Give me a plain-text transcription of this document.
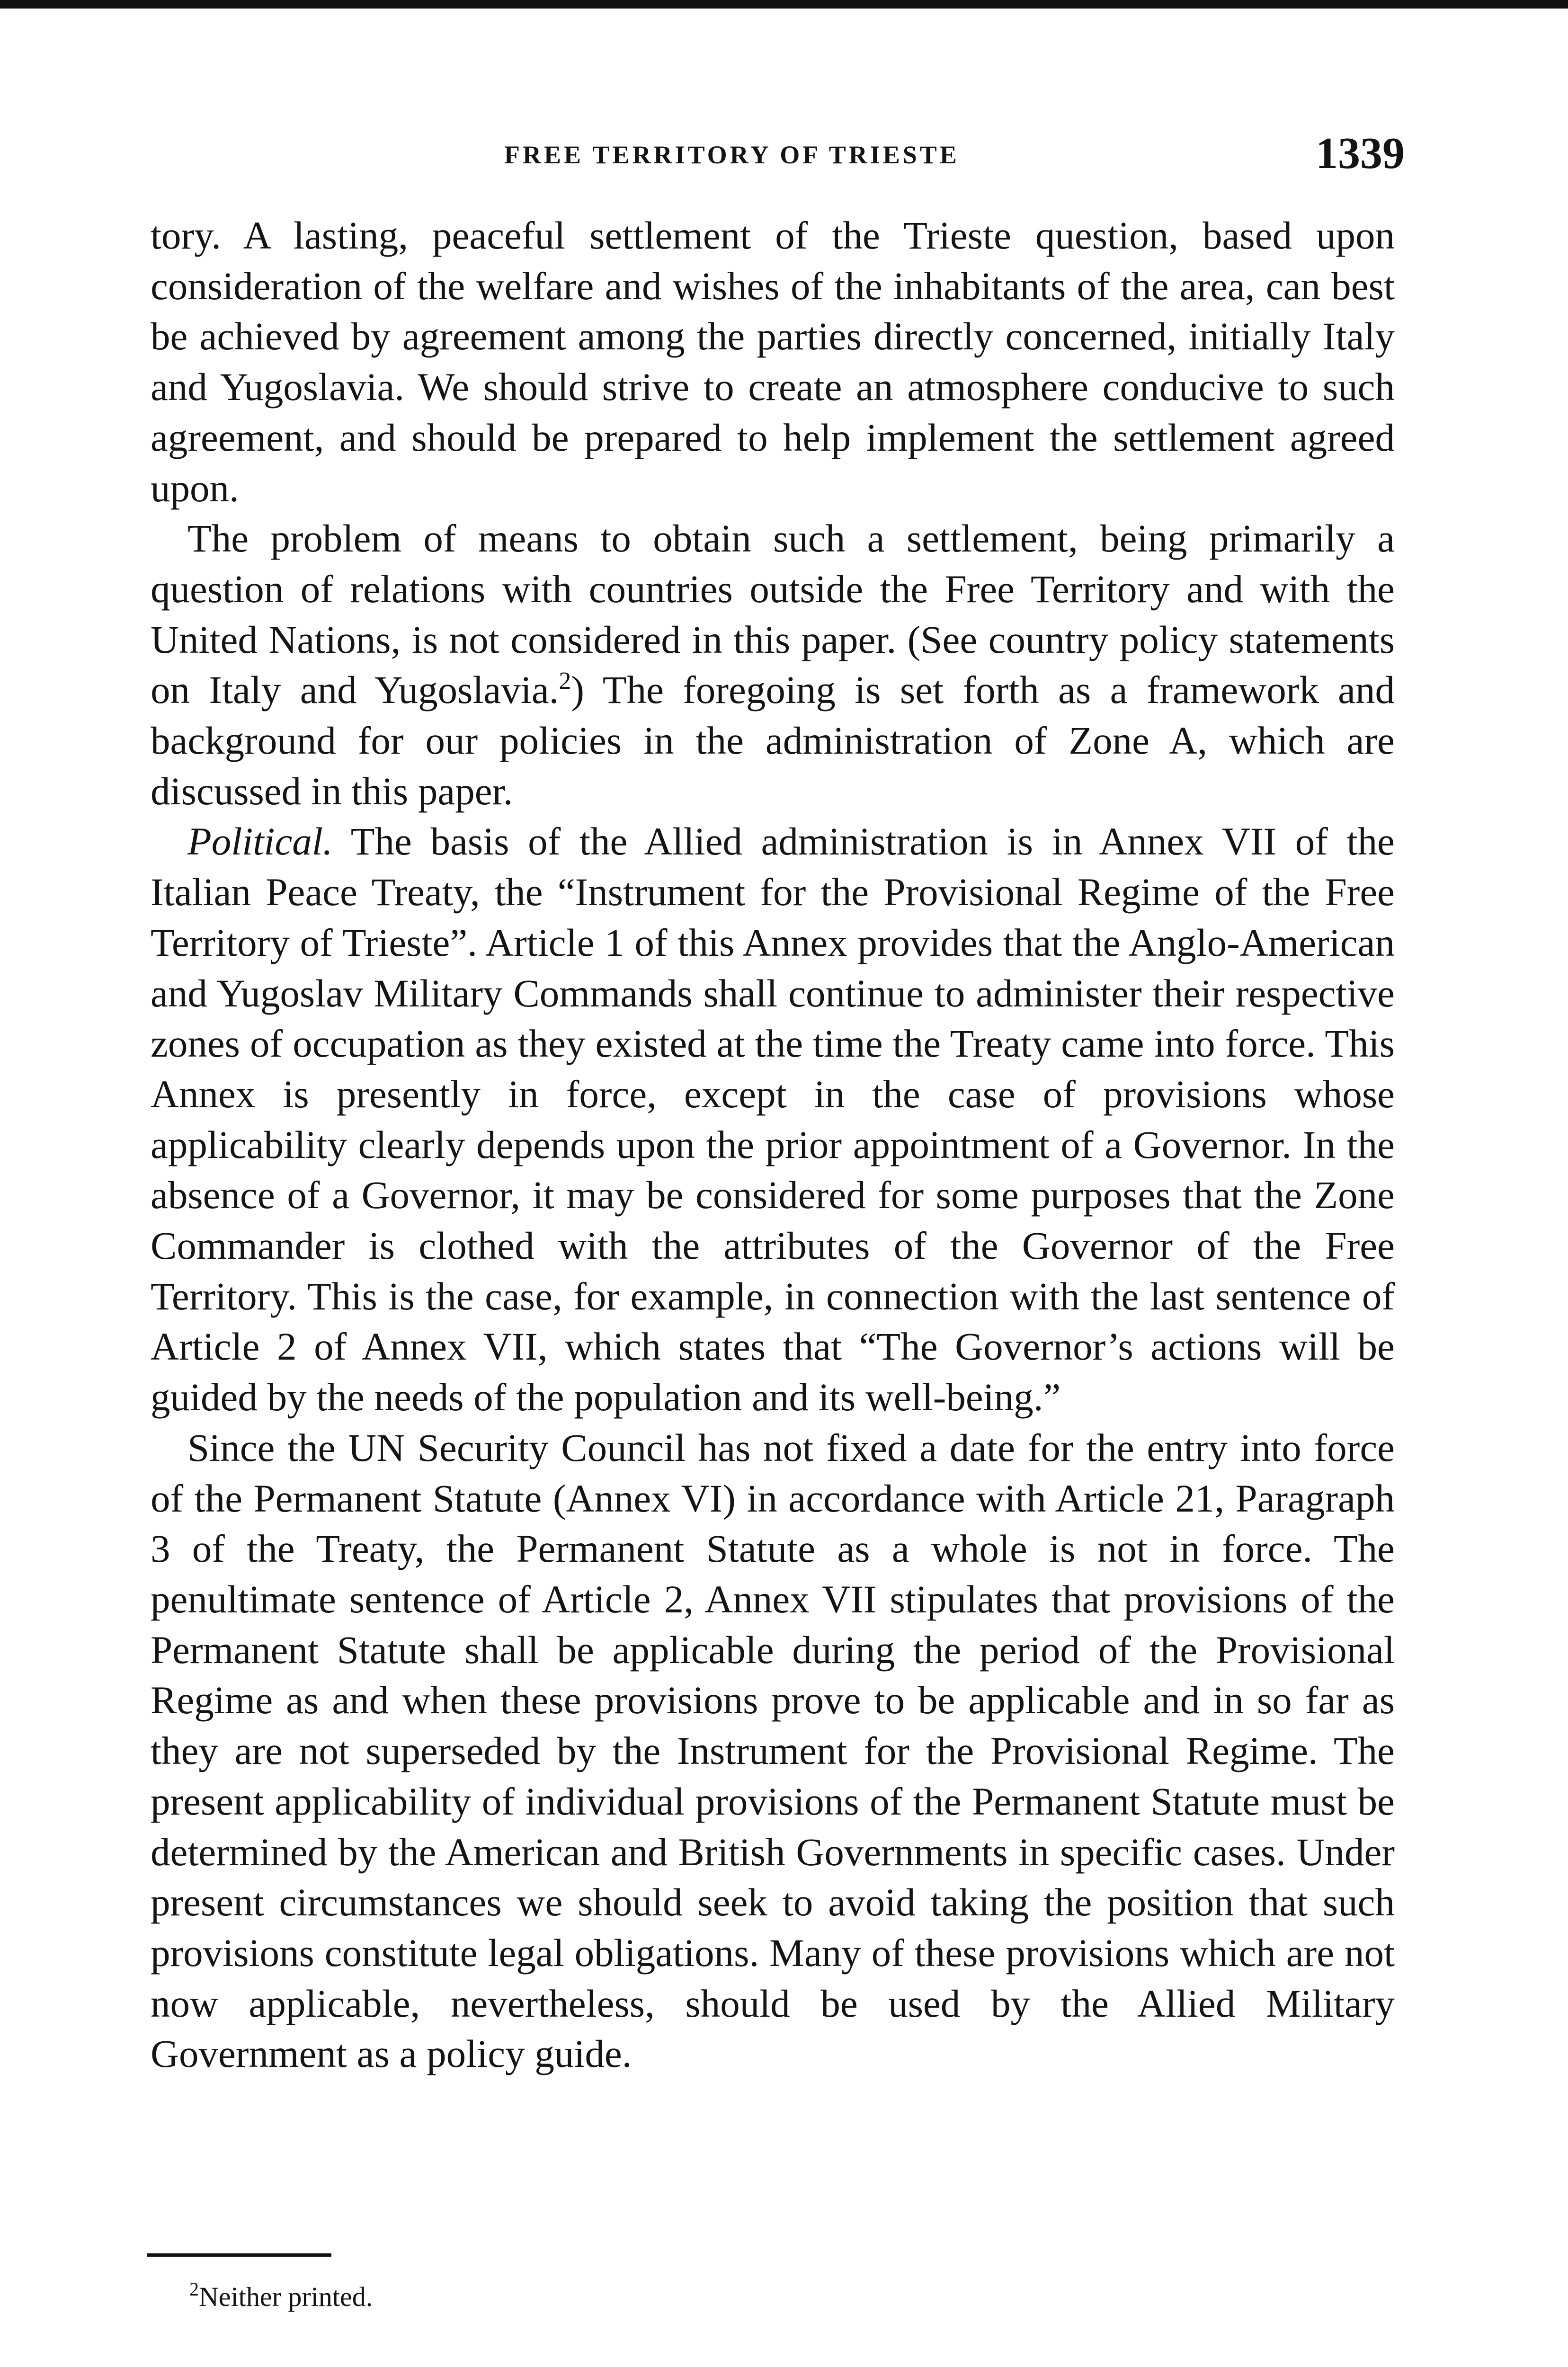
FREE TERRITORY OF TRIESTE	1339

tory. A lasting, peaceful settlement of the Trieste question, based upon consideration of the welfare and wishes of the inhabitants of the area, can best be achieved by agreement among the parties directly concerned, initially Italy and Yugoslavia. We should strive to create an atmosphere conducive to such agreement, and should be prepared to help implement the settlement agreed upon.

The problem of means to obtain such a settlement, being primarily a question of relations with countries outside the Free Territory and with the United Nations, is not considered in this paper. (See country policy statements on Italy and Yugoslavia.$^2$) The foregoing is set forth as a framework and background for our policies in the administration of Zone A, which are discussed in this paper.

Political. The basis of the Allied administration is in Annex VII of the Italian Peace Treaty, the “Instrument for the Provisional Regime of the Free Territory of Trieste”. Article 1 of this Annex provides that the Anglo-American and Yugoslav Military Commands shall continue to administer their respective zones of occupation as they existed at the time the Treaty came into force. This Annex is presently in force, except in the case of provisions whose applicability clearly depends upon the prior appointment of a Governor. In the absence of a Governor, it may be considered for some purposes that the Zone Commander is clothed with the attributes of the Governor of the Free Territory. This is the case, for example, in connection with the last sentence of Article 2 of Annex VII, which states that “The Governor’s actions will be guided by the needs of the population and its well-being.”

Since the UN Security Council has not fixed a date for the entry into force of the Permanent Statute (Annex VI) in accordance with Article 21, Paragraph 3 of the Treaty, the Permanent Statute as a whole is not in force. The penultimate sentence of Article 2, Annex VII stipulates that provisions of the Permanent Statute shall be applicable during the period of the Provisional Regime as and when these provisions prove to be applicable and in so far as they are not superseded by the Instrument for the Provisional Regime. The present applicability of individual provisions of the Permanent Statute must be determined by the American and British Governments in specific cases. Under present circumstances we should seek to avoid taking the position that such provisions constitute legal obligations. Many of these provisions which are not now applicable, nevertheless, should be used by the Allied Military Government as a policy guide.

$^2$Neither printed.
